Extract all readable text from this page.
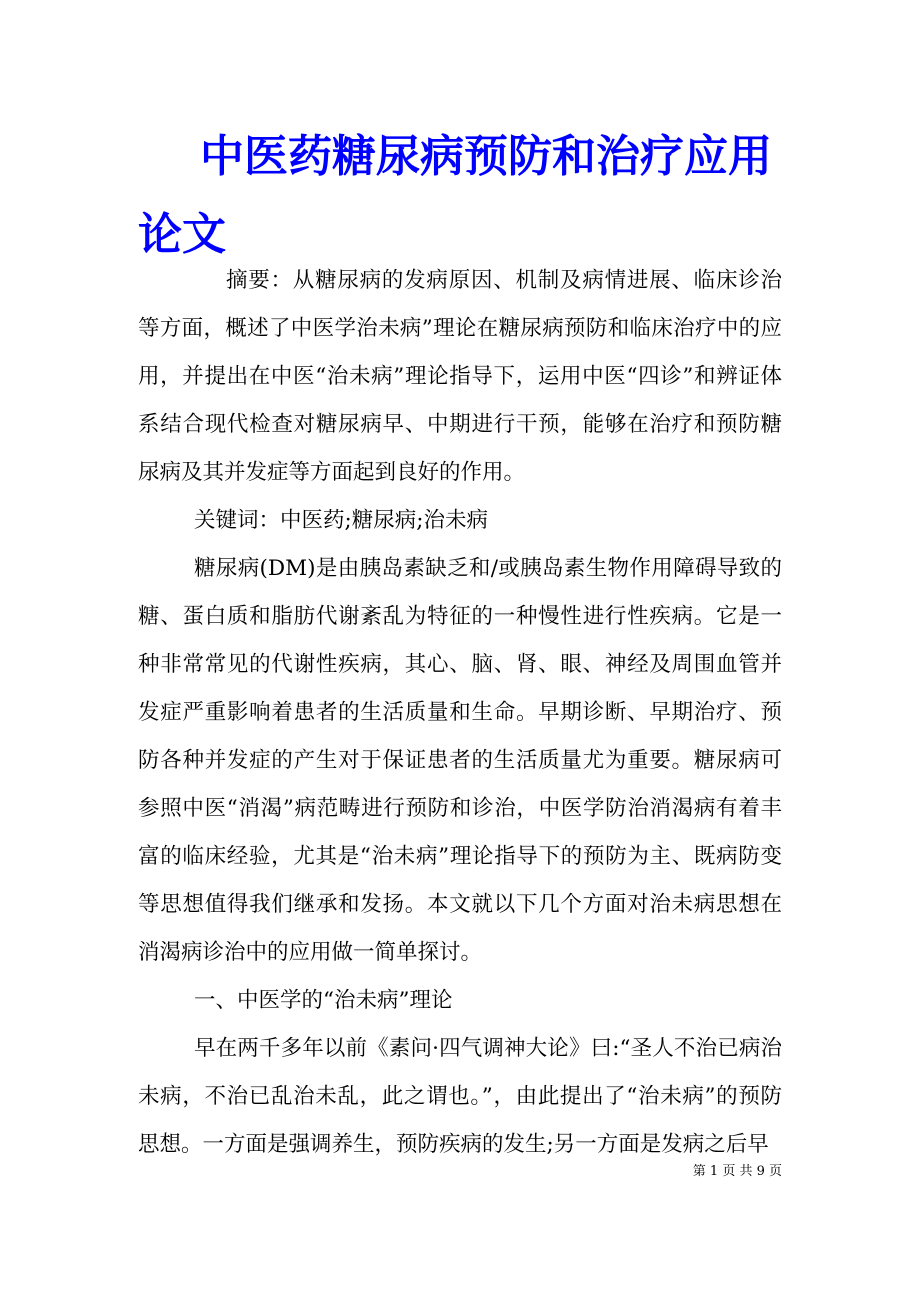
中医药糖尿病预防和治疗应用论文

摘要：从糖尿病的发病原因、机制及病情进展、临床诊治等方面，概述了中医学治未病”理论在糖尿病预防和临床治疗中的应用，并提出在中医“治未病”理论指导下，运用中医“四诊”和辨证体系结合现代检查对糖尿病早、中期进行干预，能够在治疗和预防糖尿病及其并发症等方面起到良好的作用。

关键词：中医药;糖尿病;治未病

糖尿病(DM)是由胰岛素缺乏和/或胰岛素生物作用障碍导致的糖、蛋白质和脂肪代谢紊乱为特征的一种慢性进行性疾病。它是一种非常常见的代谢性疾病，其心、脑、肾、眼、神经及周围血管并发症严重影响着患者的生活质量和生命。早期诊断、早期治疗、预防各种并发症的产生对于保证患者的生活质量尤为重要。糖尿病可参照中医“消渴”病范畴进行预防和诊治，中医学防治消渴病有着丰富的临床经验，尤其是“治未病”理论指导下的预防为主、既病防变等思想值得我们继承和发扬。本文就以下几个方面对治未病思想在消渴病诊治中的应用做一简单探讨。

一、中医学的“治未病”理论

早在两千多年以前《素问·四气调神大论》曰:“圣人不治已病治未病，不治已乱治未乱，此之谓也。”，由此提出了“治未病”的预防思想。一方面是强调养生，预防疾病的发生;另一方面是发病之后早

第 1 页 共 9 页
